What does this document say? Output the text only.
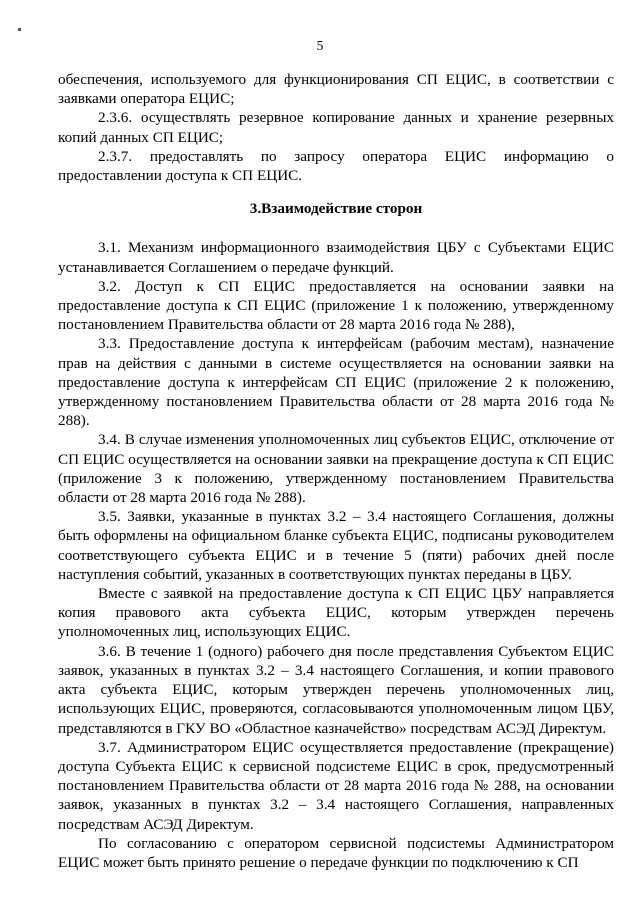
5

обеспечения, используемого для функционирования СП ЕЦИС, в соответствии с заявками оператора ЕЦИС;

2.3.6. осуществлять резервное копирование данных и хранение резервных копий данных СП ЕЦИС;

2.3.7. предоставлять по запросу оператора ЕЦИС информацию о предоставлении доступа к СП ЕЦИС.

3.Взаимодействие сторон

3.1. Механизм информационного взаимодействия ЦБУ с Субъектами ЕЦИС устанавливается Соглашением о передаче функций.

3.2. Доступ к СП ЕЦИС предоставляется на основании заявки на предоставление доступа к СП ЕЦИС (приложение 1 к положению, утвержденному постановлением Правительства области от 28 марта 2016 года № 288),

3.3. Предоставление доступа к интерфейсам (рабочим местам), назначение прав на действия с данными в системе осуществляется на основании заявки на предоставление доступа к интерфейсам СП ЕЦИС (приложение 2 к положению, утвержденному постановлением Правительства области от 28 марта 2016 года № 288).

3.4. В случае изменения уполномоченных лиц субъектов ЕЦИС, отключение от СП ЕЦИС осуществляется на основании заявки на прекращение доступа к СП ЕЦИС (приложение 3 к положению, утвержденному постановлением Правительства области от 28 марта 2016 года № 288).

3.5. Заявки, указанные в пунктах 3.2 – 3.4 настоящего Соглашения, должны быть оформлены на официальном бланке субъекта ЕЦИС, подписаны руководителем соответствующего субъекта ЕЦИС и в течение 5 (пяти) рабочих дней после наступления событий, указанных в соответствующих пунктах переданы в ЦБУ.

Вместе с заявкой на предоставление доступа к СП ЕЦИС ЦБУ направляется копия правового акта субъекта ЕЦИС, которым утвержден перечень уполномоченных лиц, использующих ЕЦИС.

3.6. В течение 1 (одного) рабочего дня после представления Субъектом ЕЦИС заявок, указанных в пунктах 3.2 – 3.4 настоящего Соглашения, и копии правового акта субъекта ЕЦИС, которым утвержден перечень уполномоченных лиц, использующих ЕЦИС, проверяются, согласовываются уполномоченным лицом ЦБУ, представляются в ГКУ ВО «Областное казначейство» посредствам АСЭД Директум.

3.7. Администратором ЕЦИС осуществляется предоставление (прекращение) доступа Субъекта ЕЦИС к сервисной подсистеме ЕЦИС в срок, предусмотренный постановлением Правительства области от 28 марта 2016 года № 288, на основании заявок, указанных в пунктах 3.2 – 3.4 настоящего Соглашения, направленных посредствам АСЭД Директум.

По согласованию с оператором сервисной подсистемы Администратором ЕЦИС может быть принято решение о передаче функции по подключению к СП
